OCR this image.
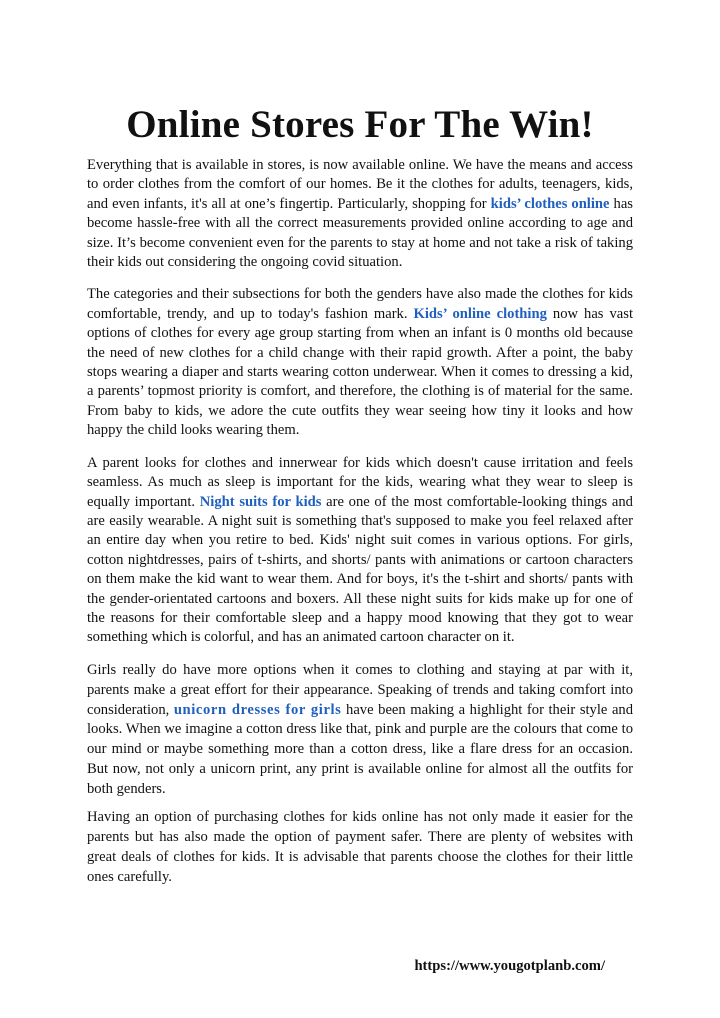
Online Stores For The Win!

Everything that is available in stores, is now available online. We have the means and access to order clothes from the comfort of our homes. Be it the clothes for adults, teenagers, kids, and even infants, it's all at one’s fingertip. Particularly, shopping for kids’ clothes online has become hassle-free with all the correct measurements provided online according to age and size. It’s become convenient even for the parents to stay at home and not take a risk of taking their kids out considering the ongoing covid situation.

The categories and their subsections for both the genders have also made the clothes for kids comfortable, trendy, and up to today's fashion mark. Kids’ online clothing now has vast options of clothes for every age group starting from when an infant is 0 months old because the need of new clothes for a child change with their rapid growth. After a point, the baby stops wearing a diaper and starts wearing cotton underwear. When it comes to dressing a kid, a parents’ topmost priority is comfort, and therefore, the clothing is of material for the same. From baby to kids, we adore the cute outfits they wear seeing how tiny it looks and how happy the child looks wearing them.

A parent looks for clothes and innerwear for kids which doesn't cause irritation and feels seamless. As much as sleep is important for the kids, wearing what they wear to sleep is equally important. Night suits for kids are one of the most comfortable-looking things and are easily wearable. A night suit is something that's supposed to make you feel relaxed after an entire day when you retire to bed. Kids' night suit comes in various options. For girls, cotton nightdresses, pairs of t-shirts, and shorts/ pants with animations or cartoon characters on them make the kid want to wear them. And for boys, it's the t-shirt and shorts/ pants with the gender-orientated cartoons and boxers. All these night suits for kids make up for one of the reasons for their comfortable sleep and a happy mood knowing that they got to wear something which is colorful, and has an animated cartoon character on it.

Girls really do have more options when it comes to clothing and staying at par with it, parents make a great effort for their appearance. Speaking of trends and taking comfort into consideration, unicorn dresses for girls have been making a highlight for their style and looks. When we imagine a cotton dress like that, pink and purple are the colours that come to our mind or maybe something more than a cotton dress, like a flare dress for an occasion. But now, not only a unicorn print, any print is available online for almost all the outfits for both genders.

Having an option of purchasing clothes for kids online has not only made it easier for the parents but has also made the option of payment safer. There are plenty of websites with great deals of clothes for kids. It is advisable that parents choose the clothes for their little ones carefully.

https://www.yougotplanb.com/
